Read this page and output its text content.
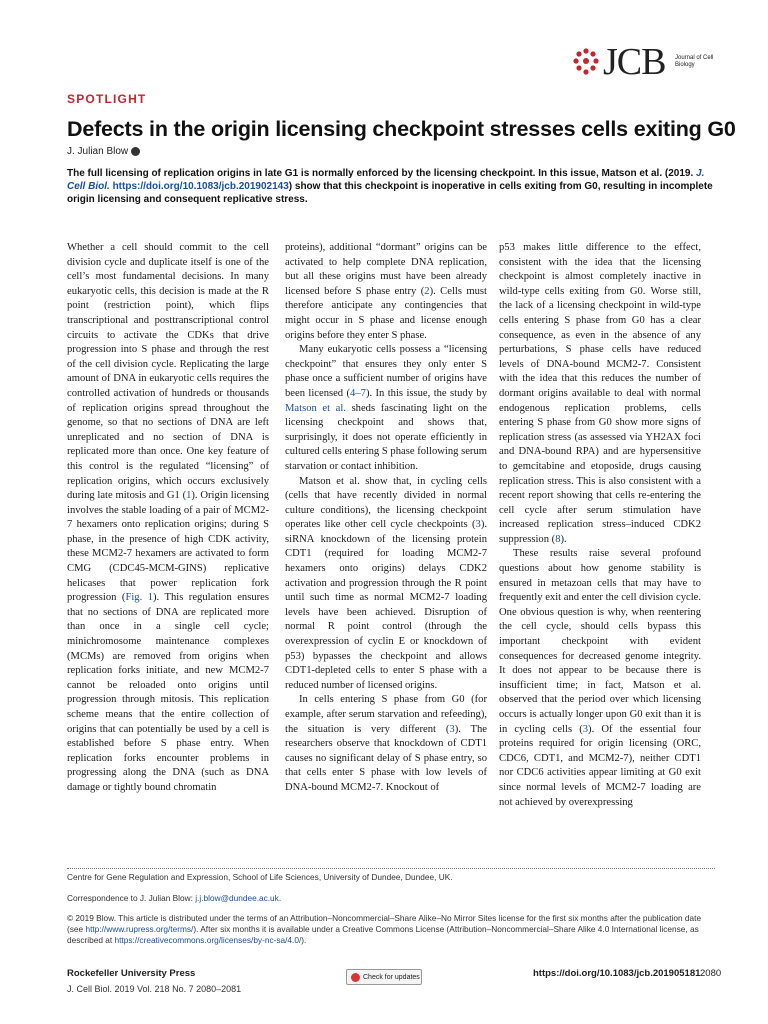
JCB Journal of Cell Biology
SPOTLIGHT
Defects in the origin licensing checkpoint stresses cells exiting G0
J. Julian Blow

The full licensing of replication origins in late G1 is normally enforced by the licensing checkpoint. In this issue, Matson et al. (2019. J. Cell Biol. https://doi.org/10.1083/jcb.201902143) show that this checkpoint is inoperative in cells exiting from G0, resulting in incomplete origin licensing and consequent replicative stress.

Whether a cell should commit to the cell division cycle and duplicate itself is one of the cell’s most fundamental decisions. In many eukaryotic cells, this decision is made at the R point (restriction point), which flips transcriptional and posttranscriptional control circuits to activate the CDKs that drive progression into S phase and through the rest of the cell division cycle. Replicating the large amount of DNA in eukaryotic cells requires the controlled activation of hundreds or thousands of replication origins spread throughout the genome, so that no sections of DNA are left unreplicated and no section of DNA is replicated more than once. One key feature of this control is the regulated “licensing” of replication origins, which occurs exclusively during late mitosis and G1 (1). Origin licensing involves the stable loading of a pair of MCM2-7 hexamers onto replication origins; during S phase, in the presence of high CDK activity, these MCM2-7 hexamers are activated to form CMG (CDC45-MCM-GINS) replicative helicases that power replication fork progression (Fig. 1). This regulation ensures that no sections of DNA are replicated more than once in a single cell cycle; minichromosome maintenance complexes (MCMs) are removed from origins when replication forks initiate, and new MCM2-7 cannot be reloaded onto origins until progression through mitosis. This replication scheme means that the entire collection of origins that can potentially be used by a cell is established before S phase entry. When replication forks encounter problems in progressing along the DNA (such as DNA damage or tightly bound chromatin

proteins), additional “dormant” origins can be activated to help complete DNA replication, but all these origins must have been already licensed before S phase entry (2). Cells must therefore anticipate any contingencies that might occur in S phase and license enough origins before they enter S phase.

Many eukaryotic cells possess a “licensing checkpoint” that ensures they only enter S phase once a sufficient number of origins have been licensed (4–7). In this issue, the study by Matson et al. sheds fascinating light on the licensing checkpoint and shows that, surprisingly, it does not operate efficiently in cultured cells entering S phase following serum starvation or contact inhibition.

Matson et al. show that, in cycling cells (cells that have recently divided in normal culture conditions), the licensing checkpoint operates like other cell cycle checkpoints (3). siRNA knockdown of the licensing protein CDT1 (required for loading MCM2-7 hexamers onto origins) delays CDK2 activation and progression through the R point until such time as normal MCM2-7 loading levels have been achieved. Disruption of normal R point control (through the overexpression of cyclin E or knockdown of p53) bypasses the checkpoint and allows CDT1-depleted cells to enter S phase with a reduced number of licensed origins.

In cells entering S phase from G0 (for example, after serum starvation and refeeding), the situation is very different (3). The researchers observe that knockdown of CDT1 causes no significant delay of S phase entry, so that cells enter S phase with low levels of DNA-bound MCM2-7. Knockout of

p53 makes little difference to the effect, consistent with the idea that the licensing checkpoint is almost completely inactive in wild-type cells exiting from G0. Worse still, the lack of a licensing checkpoint in wild-type cells entering S phase from G0 has a clear consequence, as even in the absence of any perturbations, S phase cells have reduced levels of DNA-bound MCM2-7. Consistent with the idea that this reduces the number of dormant origins available to deal with normal endogenous replication problems, cells entering S phase from G0 show more signs of replication stress (as assessed via YH2AX foci and DNA-bound RPA) and are hypersensitive to gemcitabine and etoposide, drugs causing replication stress. This is also consistent with a recent report showing that cells re-entering the cell cycle after serum stimulation have increased replication stress–induced CDK2 suppression (8).

These results raise several profound questions about how genome stability is ensured in metazoan cells that may have to frequently exit and enter the cell division cycle. One obvious question is why, when reentering the cell cycle, should cells bypass this important checkpoint with evident consequences for decreased genome integrity. It does not appear to be because there is insufficient time; in fact, Matson et al. observed that the period over which licensing occurs is actually longer upon G0 exit than it is in cycling cells (3). Of the essential four proteins required for origin licensing (ORC, CDC6, CDT1, and MCM2-7), neither CDT1 nor CDC6 activities appear limiting at G0 exit since normal levels of MCM2-7 loading are not achieved by overexpressing

Centre for Gene Regulation and Expression, School of Life Sciences, University of Dundee, Dundee, UK.

Correspondence to J. Julian Blow: j.j.blow@dundee.ac.uk.

© 2019 Blow. This article is distributed under the terms of an Attribution–Noncommercial–Share Alike–No Mirror Sites license for the first six months after the publication date (see http://www.rupress.org/terms/). After six months it is available under a Creative Commons License (Attribution–Noncommercial–Share Alike 4.0 International license, as described at https://creativecommons.org/licenses/by-nc-sa/4.0/).

Rockefeller University Press
J. Cell Biol. 2019 Vol. 218 No. 7 2080–2081
Check for updates	https://doi.org/10.1083/jcb.201905181 2080
